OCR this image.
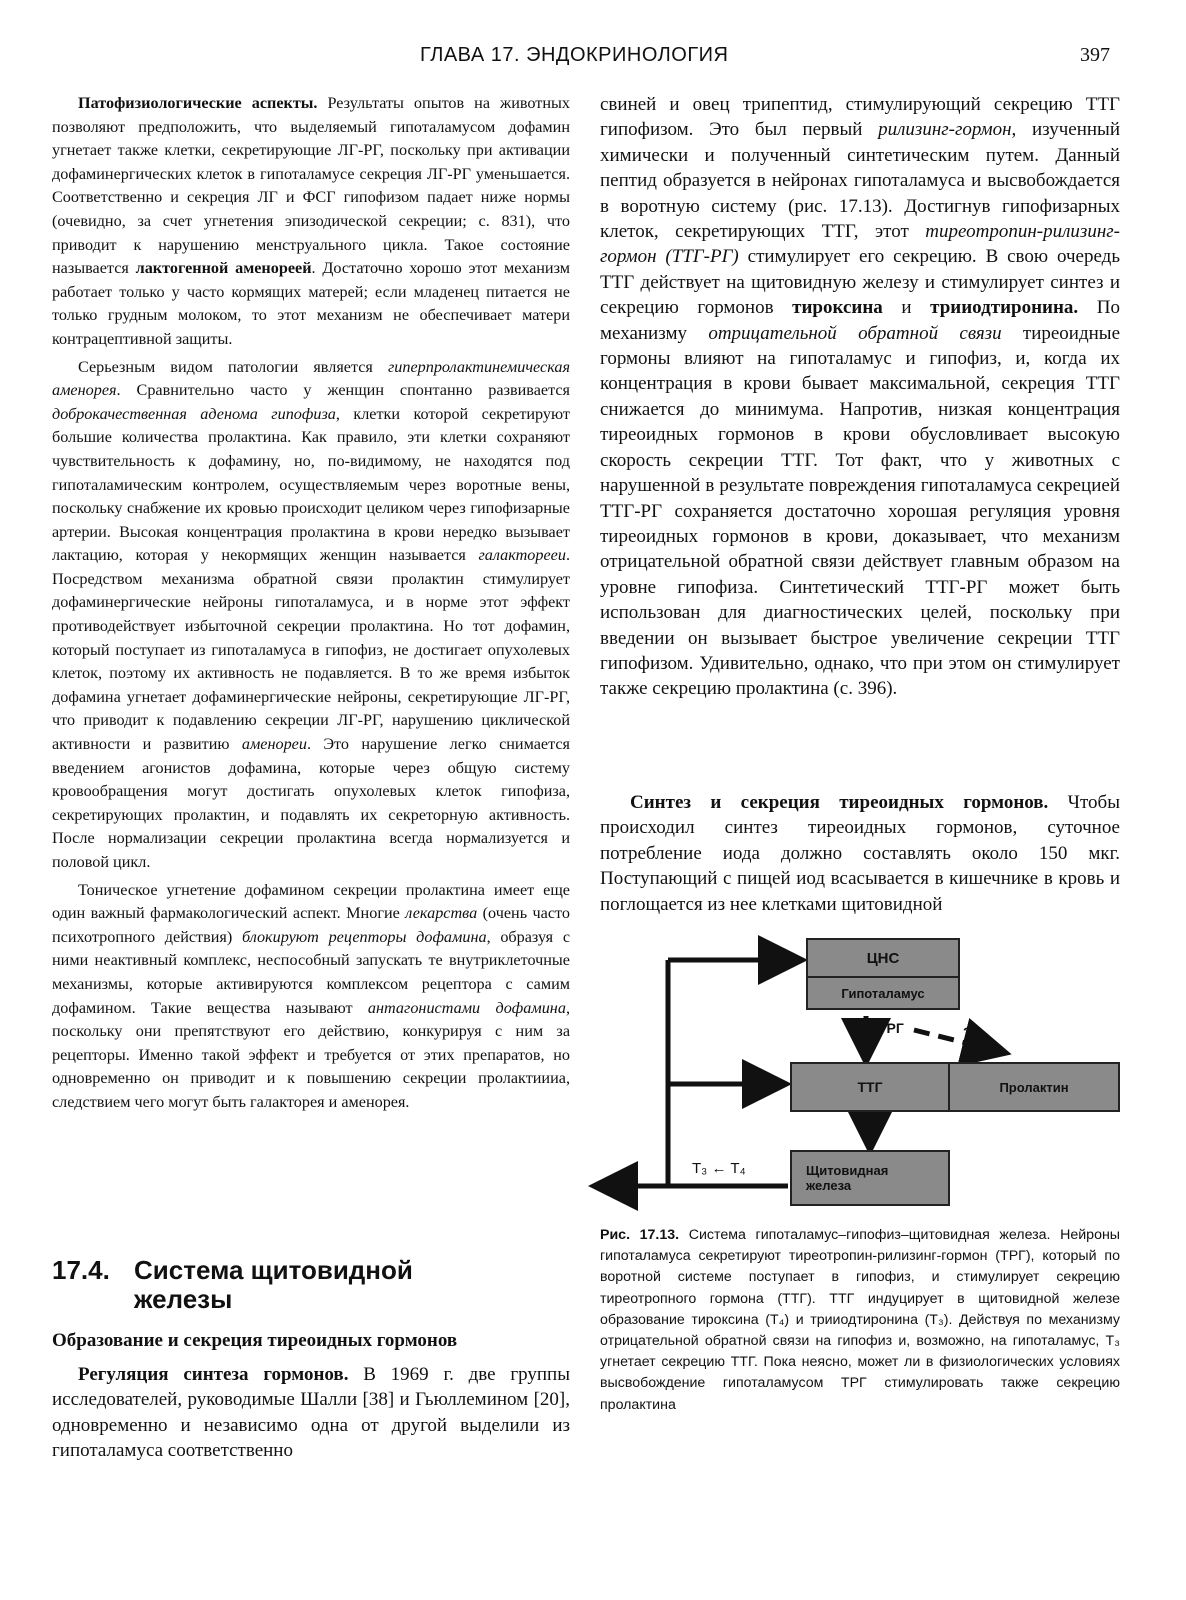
ГЛАВА 17. ЭНДОКРИНОЛОГИЯ	397

Патофизиологические аспекты. Результаты опытов на животных позволяют предположить, что выделяемый гипоталамусом дофамин угнетает также клетки, секретирующие ЛГ-РГ, поскольку при активации дофаминергических клеток в гипоталамусе секреция ЛГ-РГ уменьшается. Соответственно и секреция ЛГ и ФСГ гипофизом падает ниже нормы (очевидно, за счет угнетения эпизодической секреции; с. 831), что приводит к нарушению менструального цикла. Такое состояние называется лактогенной аменореей. Достаточно хорошо этот механизм работает только у часто кормящих матерей; если младенец питается не только грудным молоком, то этот механизм не обеспечивает матери контрацептивной защиты.

Серьезным видом патологии является гиперпролактинемическая аменорея. Сравнительно часто у женщин спонтанно развивается доброкачественная аденома гипофиза, клетки которой секретируют большие количества пролактина. Как правило, эти клетки сохраняют чувствительность к дофамину, но, по-видимому, не находятся под гипоталамическим контролем, осуществляемым через воротные вены, поскольку снабжение их кровью происходит целиком через гипофизарные артерии. Высокая концентрация пролактина в крови нередко вызывает лактацию, которая у некормящих женщин называется галакторееи. Посредством механизма обратной связи пролактин стимулирует дофаминергические нейроны гипоталамуса, и в норме этот эффект противодействует избыточной секреции пролактина. Но тот дофамин, который поступает из гипоталамуса в гипофиз, не достигает опухолевых клеток, поэтому их активность не подавляется. В то же время избыток дофамина угнетает дофаминергические нейроны, секретирующие ЛГ-РГ, что приводит к подавлению секреции ЛГ-РГ, нарушению циклической активности и развитию аменореи. Это нарушение легко снимается введением агонистов дофамина, которые через общую систему кровообращения могут достигать опухолевых клеток гипофиза, секретирующих пролактин, и подавлять их секреторную активность. После нормализации секреции пролактина всегда нормализуется и половой цикл.

Тоническое угнетение дофамином секреции пролактина имеет еще один важный фармакологический аспект. Многие лекарства (очень часто психотропного действия) блокируют рецепторы дофамина, образуя с ними неактивный комплекс, неспособный запускать те внутриклеточные механизмы, которые активируются комплексом рецептора с самим дофамином. Такие вещества называют антагонистами дофамина, поскольку они препятствуют его действию, конкурируя с ним за рецепторы. Именно такой эффект и требуется от этих препаратов, но одновременно он приводит и к повышению секреции пролактиииа, следствием чего могут быть галакторея и аменорея.

17.4. Система щитовидной
железы
Образование и секреция тиреоидных гормонов

Регуляция синтеза гормонов. В 1969 г. две группы исследователей, руководимые Шалли [38] и Гьюллемином [20], одновременно и независимо одна от другой выделили из гипоталамуса соответственно

свиней и овец трипептид, стимулирующий секрецию ТТГ гипофизом. Это был первый рилизинг-гормон, изученный химически и полученный синтетическим путем. Данный пептид образуется в нейронах гипоталамуса и высвобождается в воротную систему (рис. 17.13). Достигнув гипофизарных клеток, секретирующих ТТГ, этот тиреотропин-рилизинг-гормон (ТТГ-РГ) стимулирует его секрецию. В свою очередь ТТГ действует на щитовидную железу и стимулирует синтез и секрецию гормонов тироксина и трииодтиронина. По механизму отрицательной обратной связи тиреоидные гормоны влияют на гипоталамус и гипофиз, и, когда их концентрация в крови бывает максимальной, секреция ТТГ снижается до минимума. Напротив, низкая концентрация тиреоидных гормонов в крови обусловливает высокую скорость секреции ТТГ. Тот факт, что у животных с нарушенной в результате повреждения гипоталамуса секрецией ТТГ-РГ сохраняется достаточно хорошая регуляция уровня тиреоидных гормонов в крови, доказывает, что механизм отрицательной обратной связи действует главным образом на уровне гипофиза. Синтетический ТТГ-РГ может быть использован для диагностических целей, поскольку при введении он вызывает быстрое увеличение секреции ТТГ гипофизом. Удивительно, однако, что при этом он стимулирует также секрецию пролактина (с. 396).

Синтез и секреция тиреоидных гормонов. Чтобы происходил синтез тиреоидных гормонов, суточное потребление иода должно составлять около 150 мкг. Поступающий с пищей иод всасывается в кишечнике в кровь и поглощается из нее клетками щитовидной

ЦНС
Гипоталамус
ТРГ	?
ТТГ	Пролактин
T₃ ← T₄	Щитовидная
железа
Рис. 17.13. Система гипоталамус–гипофиз–щитовидная железа. Нейроны гипоталамуса секретируют тиреотропин-рилизинг-гормон (ТРГ), который по воротной системе поступает в гипофиз, и стимулирует секрецию тиреотропного гормона (ТТГ). ТТГ индуцирует в щитовидной железе образование тироксина (T₄) и трииодтиронина (T₃). Действуя по механизму отрицательной обратной связи на гипофиз и, возможно, на гипоталамус, T₃ угнетает секрецию ТТГ. Пока неясно, может ли в физиологических условиях высвобождение гипоталамусом ТРГ стимулировать также секрецию пролактина
